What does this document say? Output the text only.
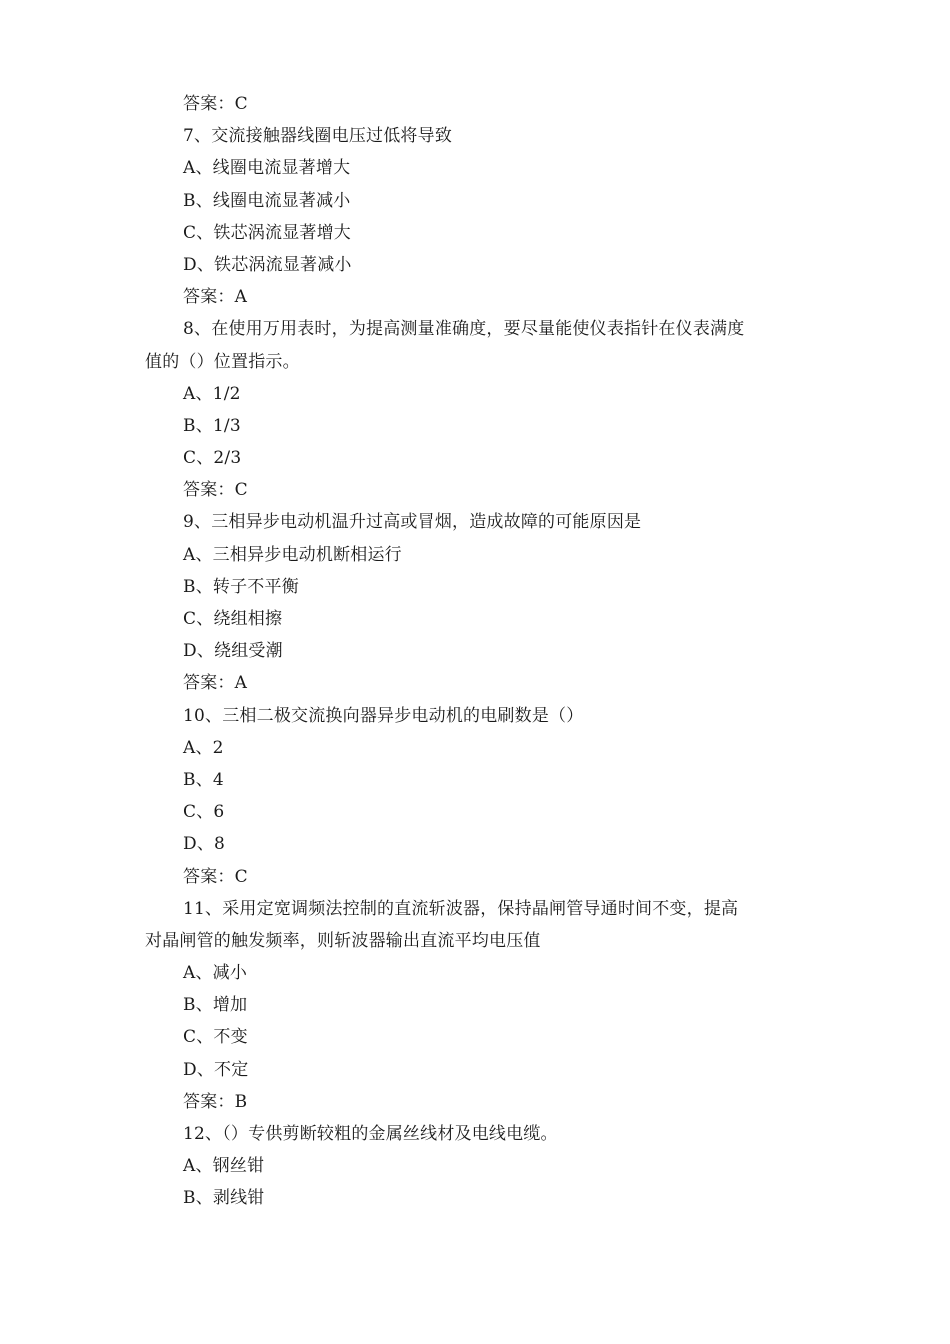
答案：C
7、交流接触器线圈电压过低将导致
A、线圈电流显著增大
B、线圈电流显著减小
C、铁芯涡流显著增大
D、铁芯涡流显著减小
答案：A
8、在使用万用表时，为提高测量准确度，要尽量能使仪表指针在仪表满度
值的（）位置指示。
A、1/2
B、1/3
C、2/3
答案：C
9、三相异步电动机温升过高或冒烟，造成故障的可能原因是
A、三相异步电动机断相运行
B、转子不平衡
C、绕组相擦
D、绕组受潮
答案：A
10、三相二极交流换向器异步电动机的电刷数是（）
A、2
B、4
C、6
D、8
答案：C
11、采用定宽调频法控制的直流斩波器，保持晶闸管导通时间不变，提高
对晶闸管的触发频率，则斩波器输出直流平均电压值
A、减小
B、增加
C、不变
D、不定
答案：B
12、（）专供剪断较粗的金属丝线材及电线电缆。
A、钢丝钳
B、剥线钳
